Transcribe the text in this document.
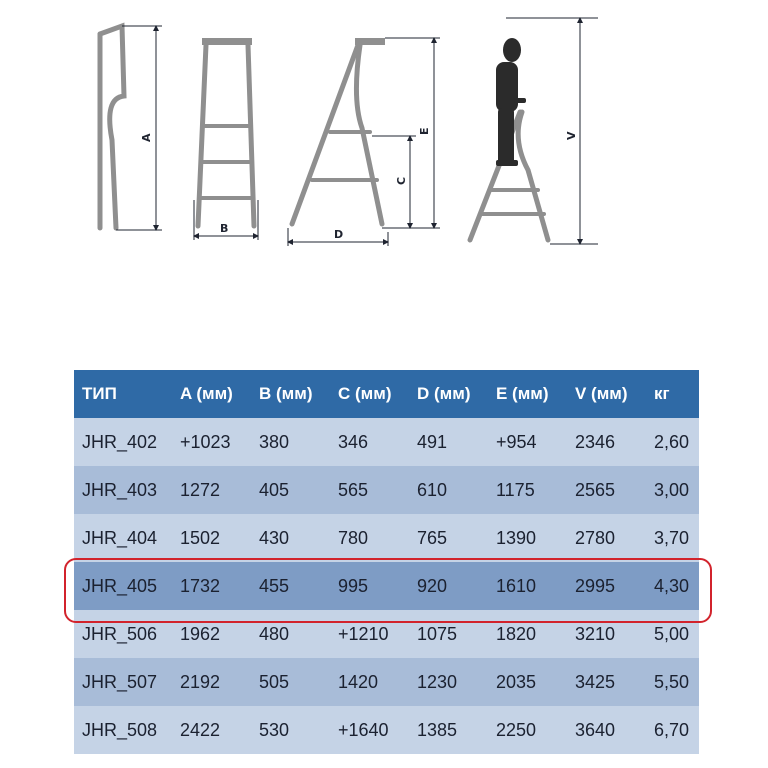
A
B
C
D
E
V
ТИП	A (мм)	B (мм)	C (мм)	D (мм)	E (мм)	V (мм)	кг
JHR_402	+1023	380	346	491	+954	2346	2,60
JHR_403	1272	405	565	610	1175	2565	3,00
JHR_404	1502	430	780	765	1390	2780	3,70
JHR_405	1732	455	995	920	1610	2995	4,30
JHR_506	1962	480	+1210	1075	1820	3210	5,00
JHR_507	2192	505	1420	1230	2035	3425	5,50
JHR_508	2422	530	+1640	1385	2250	3640	6,70
